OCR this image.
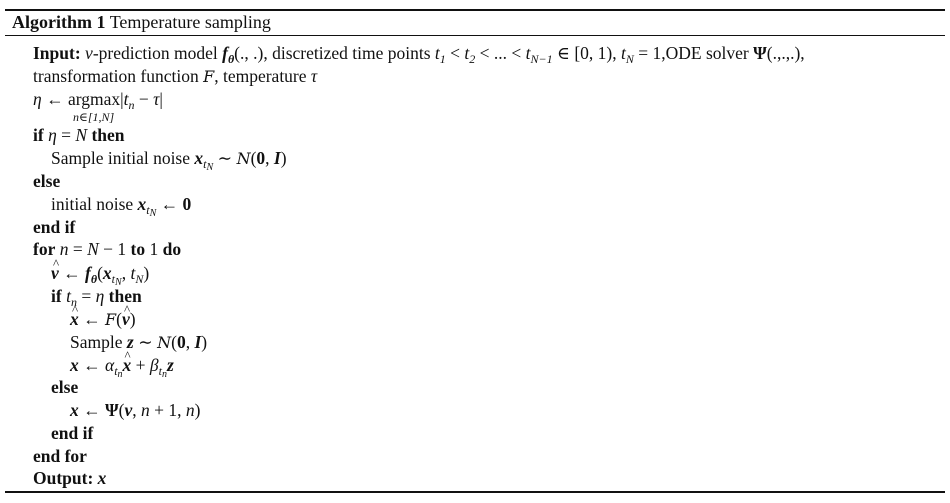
Algorithm 1 Temperature sampling
Input: v-prediction model $f_\theta$(., .), discretized time points $t_1 < t_2$ < ... < $t_{N-1}$ ∈ [0, 1), $t_N = 1,ODE$ solver Ψ(.,.,.),
transformation function F, temperature τ
η ← $argmax|t_n - \tau|$
n∈[1,N]
if η = N then
Sample initial noise $x_{t_N}$ ∼ N(0, I)
else
initial noise $x_{t_N}$ ← 0
end if
for n = N − 1 to 1 do
^ v ← $f_\theta(x_{t_N}$, $t_N$)
if $t_n = \eta$ then
^ x ← F(^ v)
Sample z ∼ N(0, I)
x ← $\alpha_{t_n}\^{}$ $x + \beta_{t_n}z$
else
x ← Ψ(v, n + 1, n)
end if
end for
Output: x
